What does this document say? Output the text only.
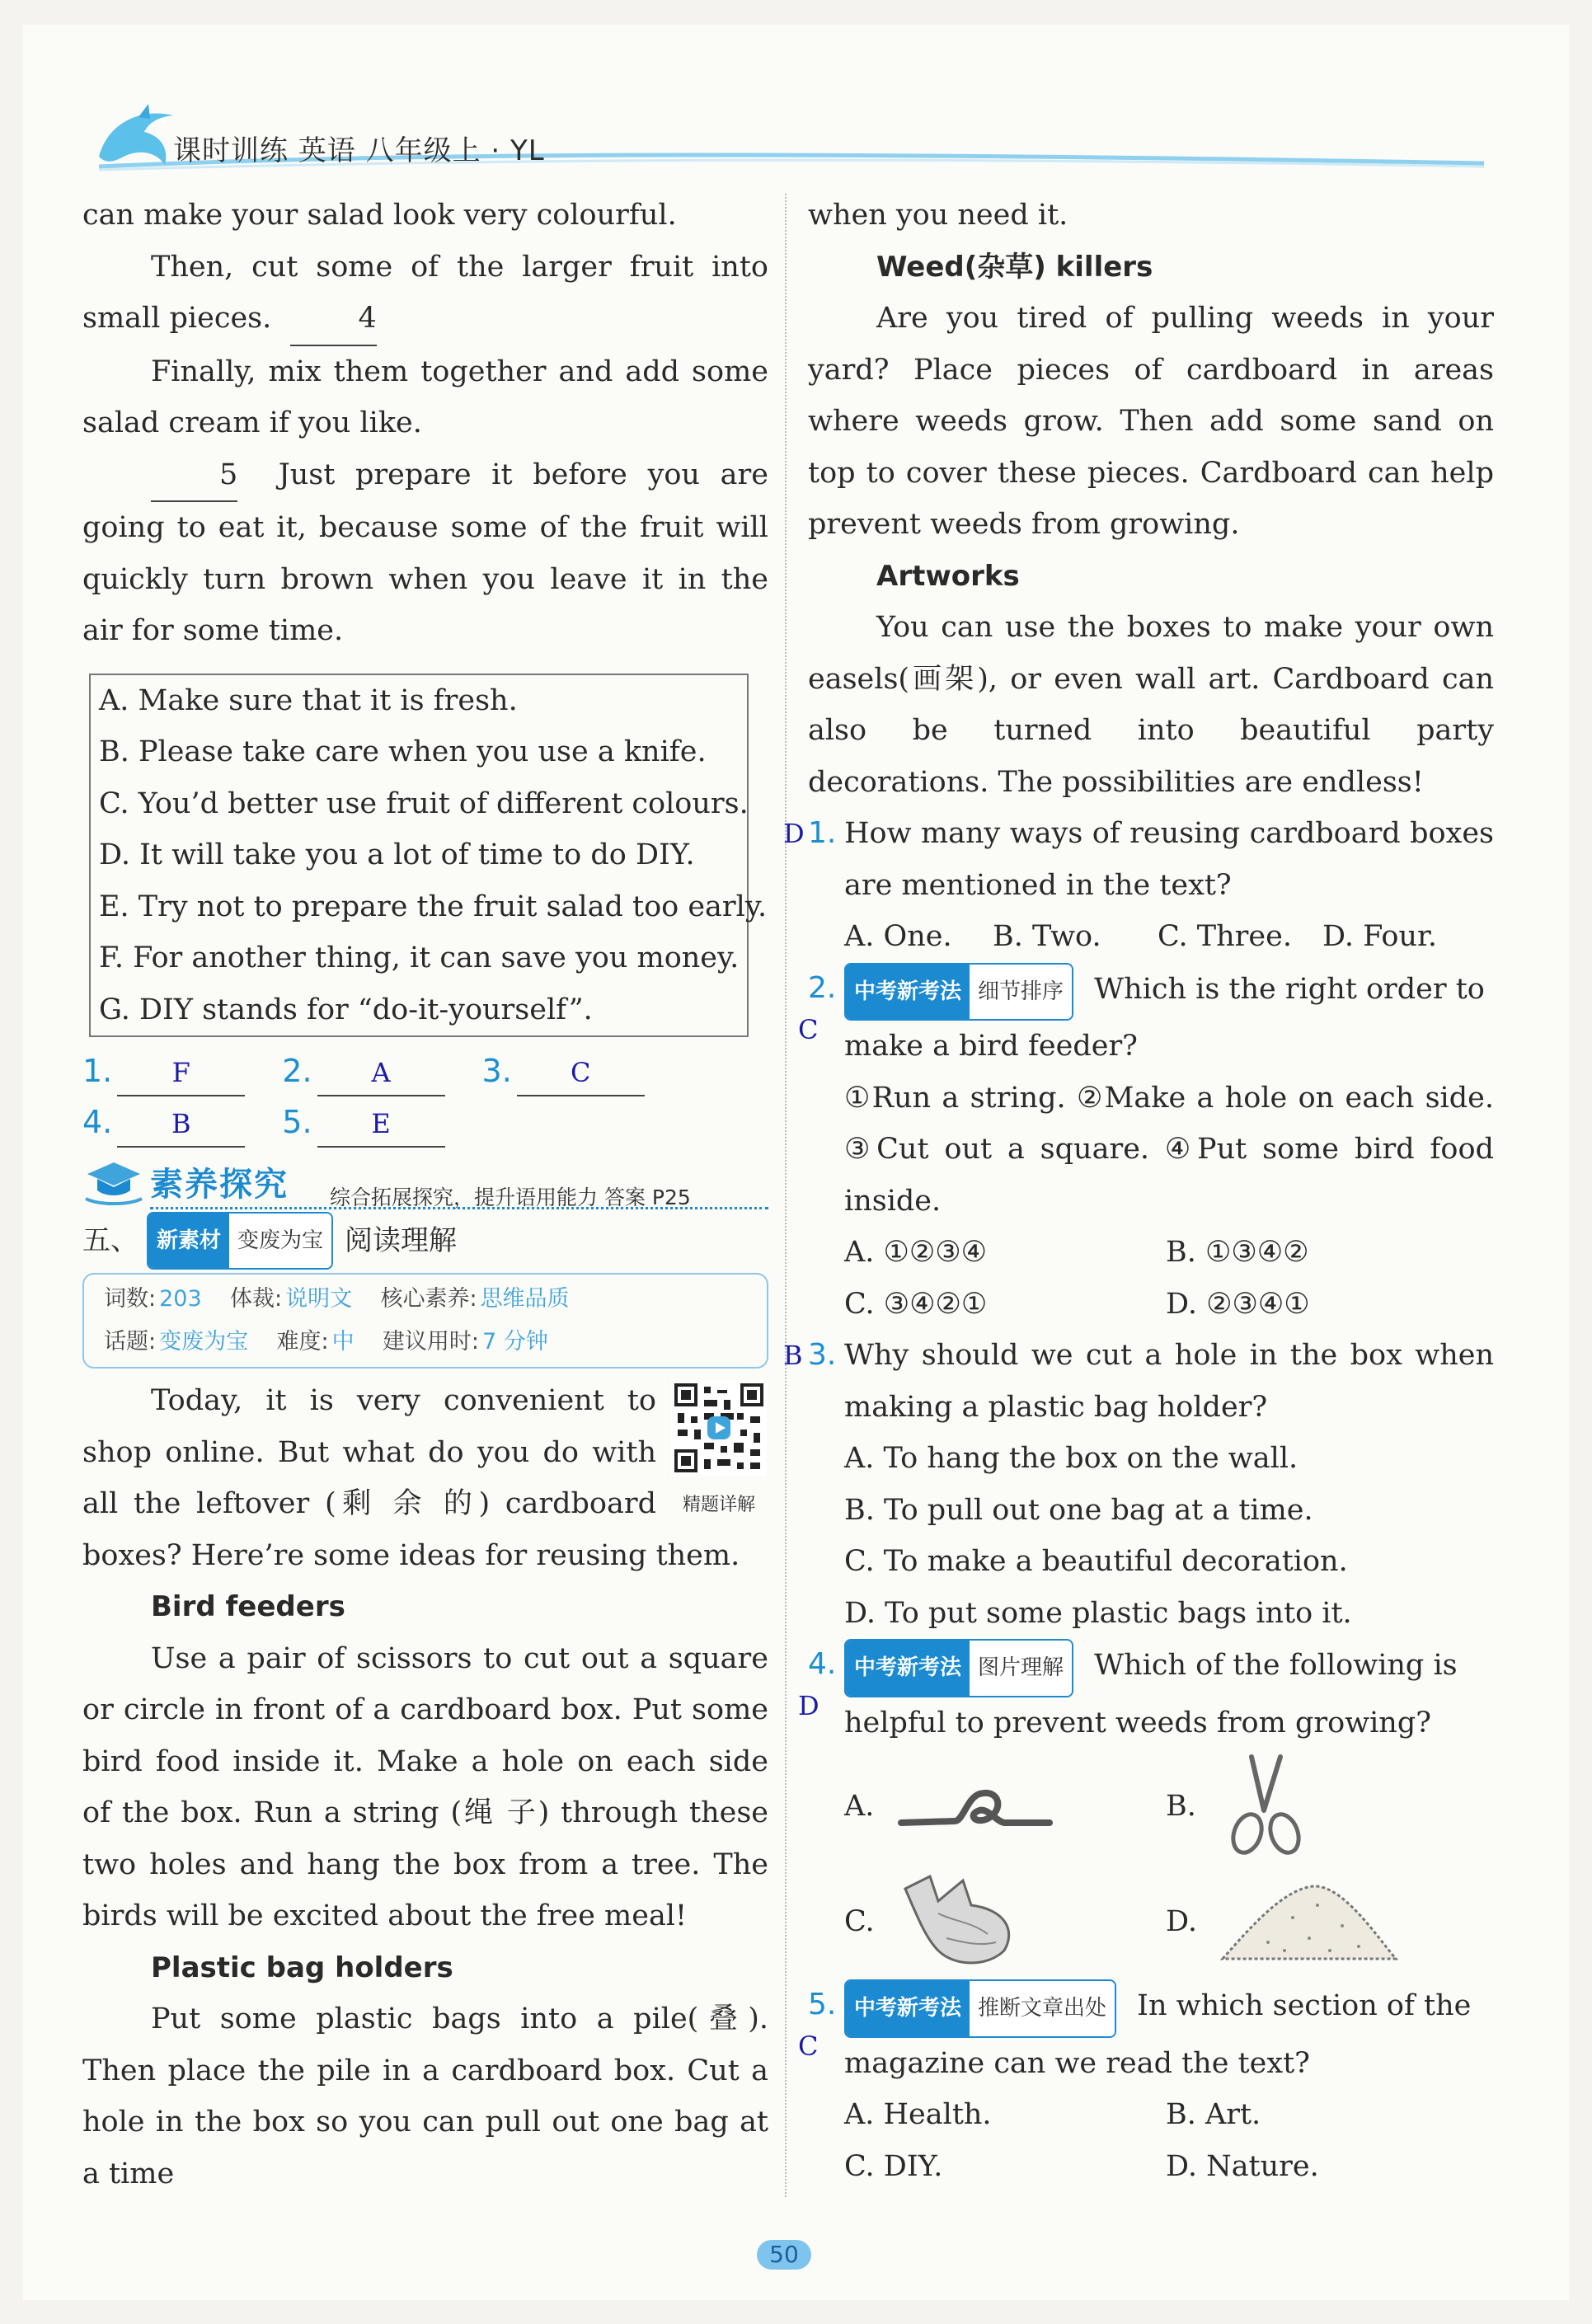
课时训练 英语 八年级上 · YL

can make your salad look very colourful.

Then, cut some of the larger fruit into small pieces.	4

Finally, mix them together and add some salad cream if you like.

5 Just prepare it before you are going to eat it, because some of the fruit will quickly turn brown when you leave it in the air for some time.

A. Make sure that it is fresh.

B. Please take care when you use a knife.

C. You’d better use fruit of different colours.

D. It will take you a lot of time to do DIY.

E. Try not to prepare the fruit salad too early.

F. For another thing, it can save you money.

G. DIY stands for “do-it-yourself”.

1.	F	2.	A	3.	C
4.	B	5.	E
素养探究 综合拓展探究，提升语用能力 答案 P25
五、 新素材 变废为宝 阅读理解
词数: 203 体裁: 说明文 核心素养: 思维品质
话题: 变废为宝 难度: 中 建议用时: 7 分钟
精题详解

Today, it is very convenient to shop online. But what do you do with all the leftover (剩 余 的) cardboard boxes? Here’re some ideas for reusing them.

Bird feeders

Use a pair of scissors to cut out a square or circle in front of a cardboard box. Put some bird food inside it. Make a hole on each side of the box. Run a string (绳 子) through these two holes and hang the box from a tree. The birds will be excited about the free meal!

Plastic bag holders

Put some plastic bags into a pile(叠). Then place the pile in a cardboard box. Cut a hole in the box so you can pull out one bag at a time

when you need it.

Weed(杂草) killers

Are you tired of pulling weeds in your yard? Place pieces of cardboard in areas where weeds grow. Then add some sand on top to cover these pieces. Cardboard can help prevent weeds from growing.

Artworks

You can use the boxes to make your own easels(画架), or even wall art. Cardboard can also be turned into beautiful party decorations. The possibilities are endless!

D 1. How many ways of reusing cardboard boxes are mentioned in the text?
A. One.	B. Two.	C. Three.	D. Four.
C
2. 中考新考法 细节排序 Which is the right order to make a bird feeder?

①Run a string. ②Make a hole on each side. ③Cut out a square. ④Put some bird food inside.

A. ①②③④	B. ①③④②
C. ③④②①	D. ②③④①
B 3. Why should we cut a hole in the box when making a plastic bag holder?

A. To hang the box on the wall.

B. To pull out one bag at a time.

C. To make a beautiful decoration.

D. To put some plastic bags into it.

D
4. 中考新考法 图片理解 Which of the following is helpful to prevent weeds from growing?
A.	B.
C.	D.
C
5. 中考新考法 推断文章出处 In which section of the magazine can we read the text?
A. Health.	B. Art.
C. DIY.	D. Nature.
50
